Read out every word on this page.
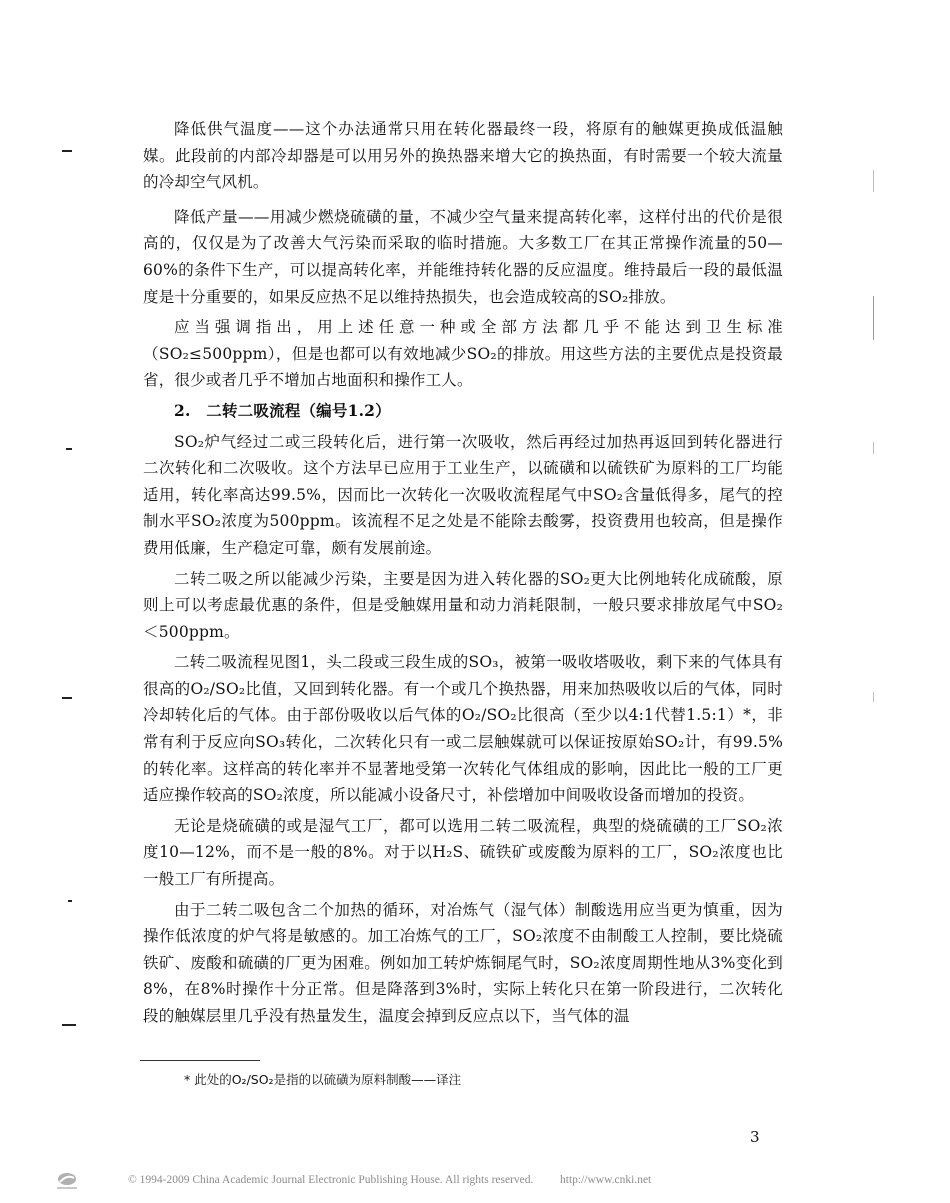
降低供气温度——这个办法通常只用在转化器最终一段，将原有的触媒更换成低温触媒。此段前的内部冷却器是可以用另外的换热器来增大它的换热面，有时需要一个较大流量的冷却空气风机。

降低产量——用减少燃烧硫磺的量，不减少空气量来提高转化率，这样付出的代价是很高的，仅仅是为了改善大气污染而采取的临时措施。大多数工厂在其正常操作流量的50—60%的条件下生产，可以提高转化率，并能维持转化器的反应温度。维持最后一段的最低温度是十分重要的，如果反应热不足以维持热损失，也会造成较高的SO₂排放。

应当强调指出，用上述任意一种或全部方法都几乎不能达到卫生标准（SO₂≤500ppm），但是也都可以有效地减少SO₂的排放。用这些方法的主要优点是投资最省，很少或者几乎不增加占地面积和操作工人。

2.　二转二吸流程（编号1.2）

SO₂炉气经过二或三段转化后，进行第一次吸收，然后再经过加热再返回到转化器进行二次转化和二次吸收。这个方法早已应用于工业生产，以硫磺和以硫铁矿为原料的工厂均能适用，转化率高达99.5%，因而比一次转化一次吸收流程尾气中SO₂含量低得多，尾气的控制水平SO₂浓度为500ppm。该流程不足之处是不能除去酸雾，投资费用也较高，但是操作费用低廉，生产稳定可靠，颇有发展前途。

二转二吸之所以能减少污染，主要是因为进入转化器的SO₂更大比例地转化成硫酸，原则上可以考虑最优惠的条件，但是受触媒用量和动力消耗限制，一般只要求排放尾气中SO₂＜500ppm。

二转二吸流程见图1，头二段或三段生成的SO₃，被第一吸收塔吸收，剩下来的气体具有很高的O₂/SO₂比值，又回到转化器。有一个或几个换热器，用来加热吸收以后的气体，同时冷却转化后的气体。由于部份吸收以后气体的O₂/SO₂比很高（至少以4:1代替1.5:1）*，非常有利于反应向SO₃转化，二次转化只有一或二层触媒就可以保证按原始SO₂计，有99.5%的转化率。这样高的转化率并不显著地受第一次转化气体组成的影响，因此比一般的工厂更适应操作较高的SO₂浓度，所以能减小设备尺寸，补偿增加中间吸收设备而增加的投资。

无论是烧硫磺的或是湿气工厂，都可以选用二转二吸流程，典型的烧硫磺的工厂SO₂浓度10—12%，而不是一般的8%。对于以H₂S、硫铁矿或废酸为原料的工厂，SO₂浓度也比一般工厂有所提高。

由于二转二吸包含二个加热的循环，对冶炼气（湿气体）制酸选用应当更为慎重，因为操作低浓度的炉气将是敏感的。加工冶炼气的工厂，SO₂浓度不由制酸工人控制，要比烧硫铁矿、废酸和硫磺的厂更为困难。例如加工转炉炼铜尾气时，SO₂浓度周期性地从3%变化到8%，在8%时操作十分正常。但是降落到3%时，实际上转化只在第一阶段进行，二次转化段的触媒层里几乎没有热量发生，温度会掉到反应点以下，当气体的温

* 此处的O₂/SO₂是指的以硫磺为原料制酸——译注
3
© 1994-2009 China Academic Journal Electronic Publishing House. All rights reserved. http://www.cnki.net
